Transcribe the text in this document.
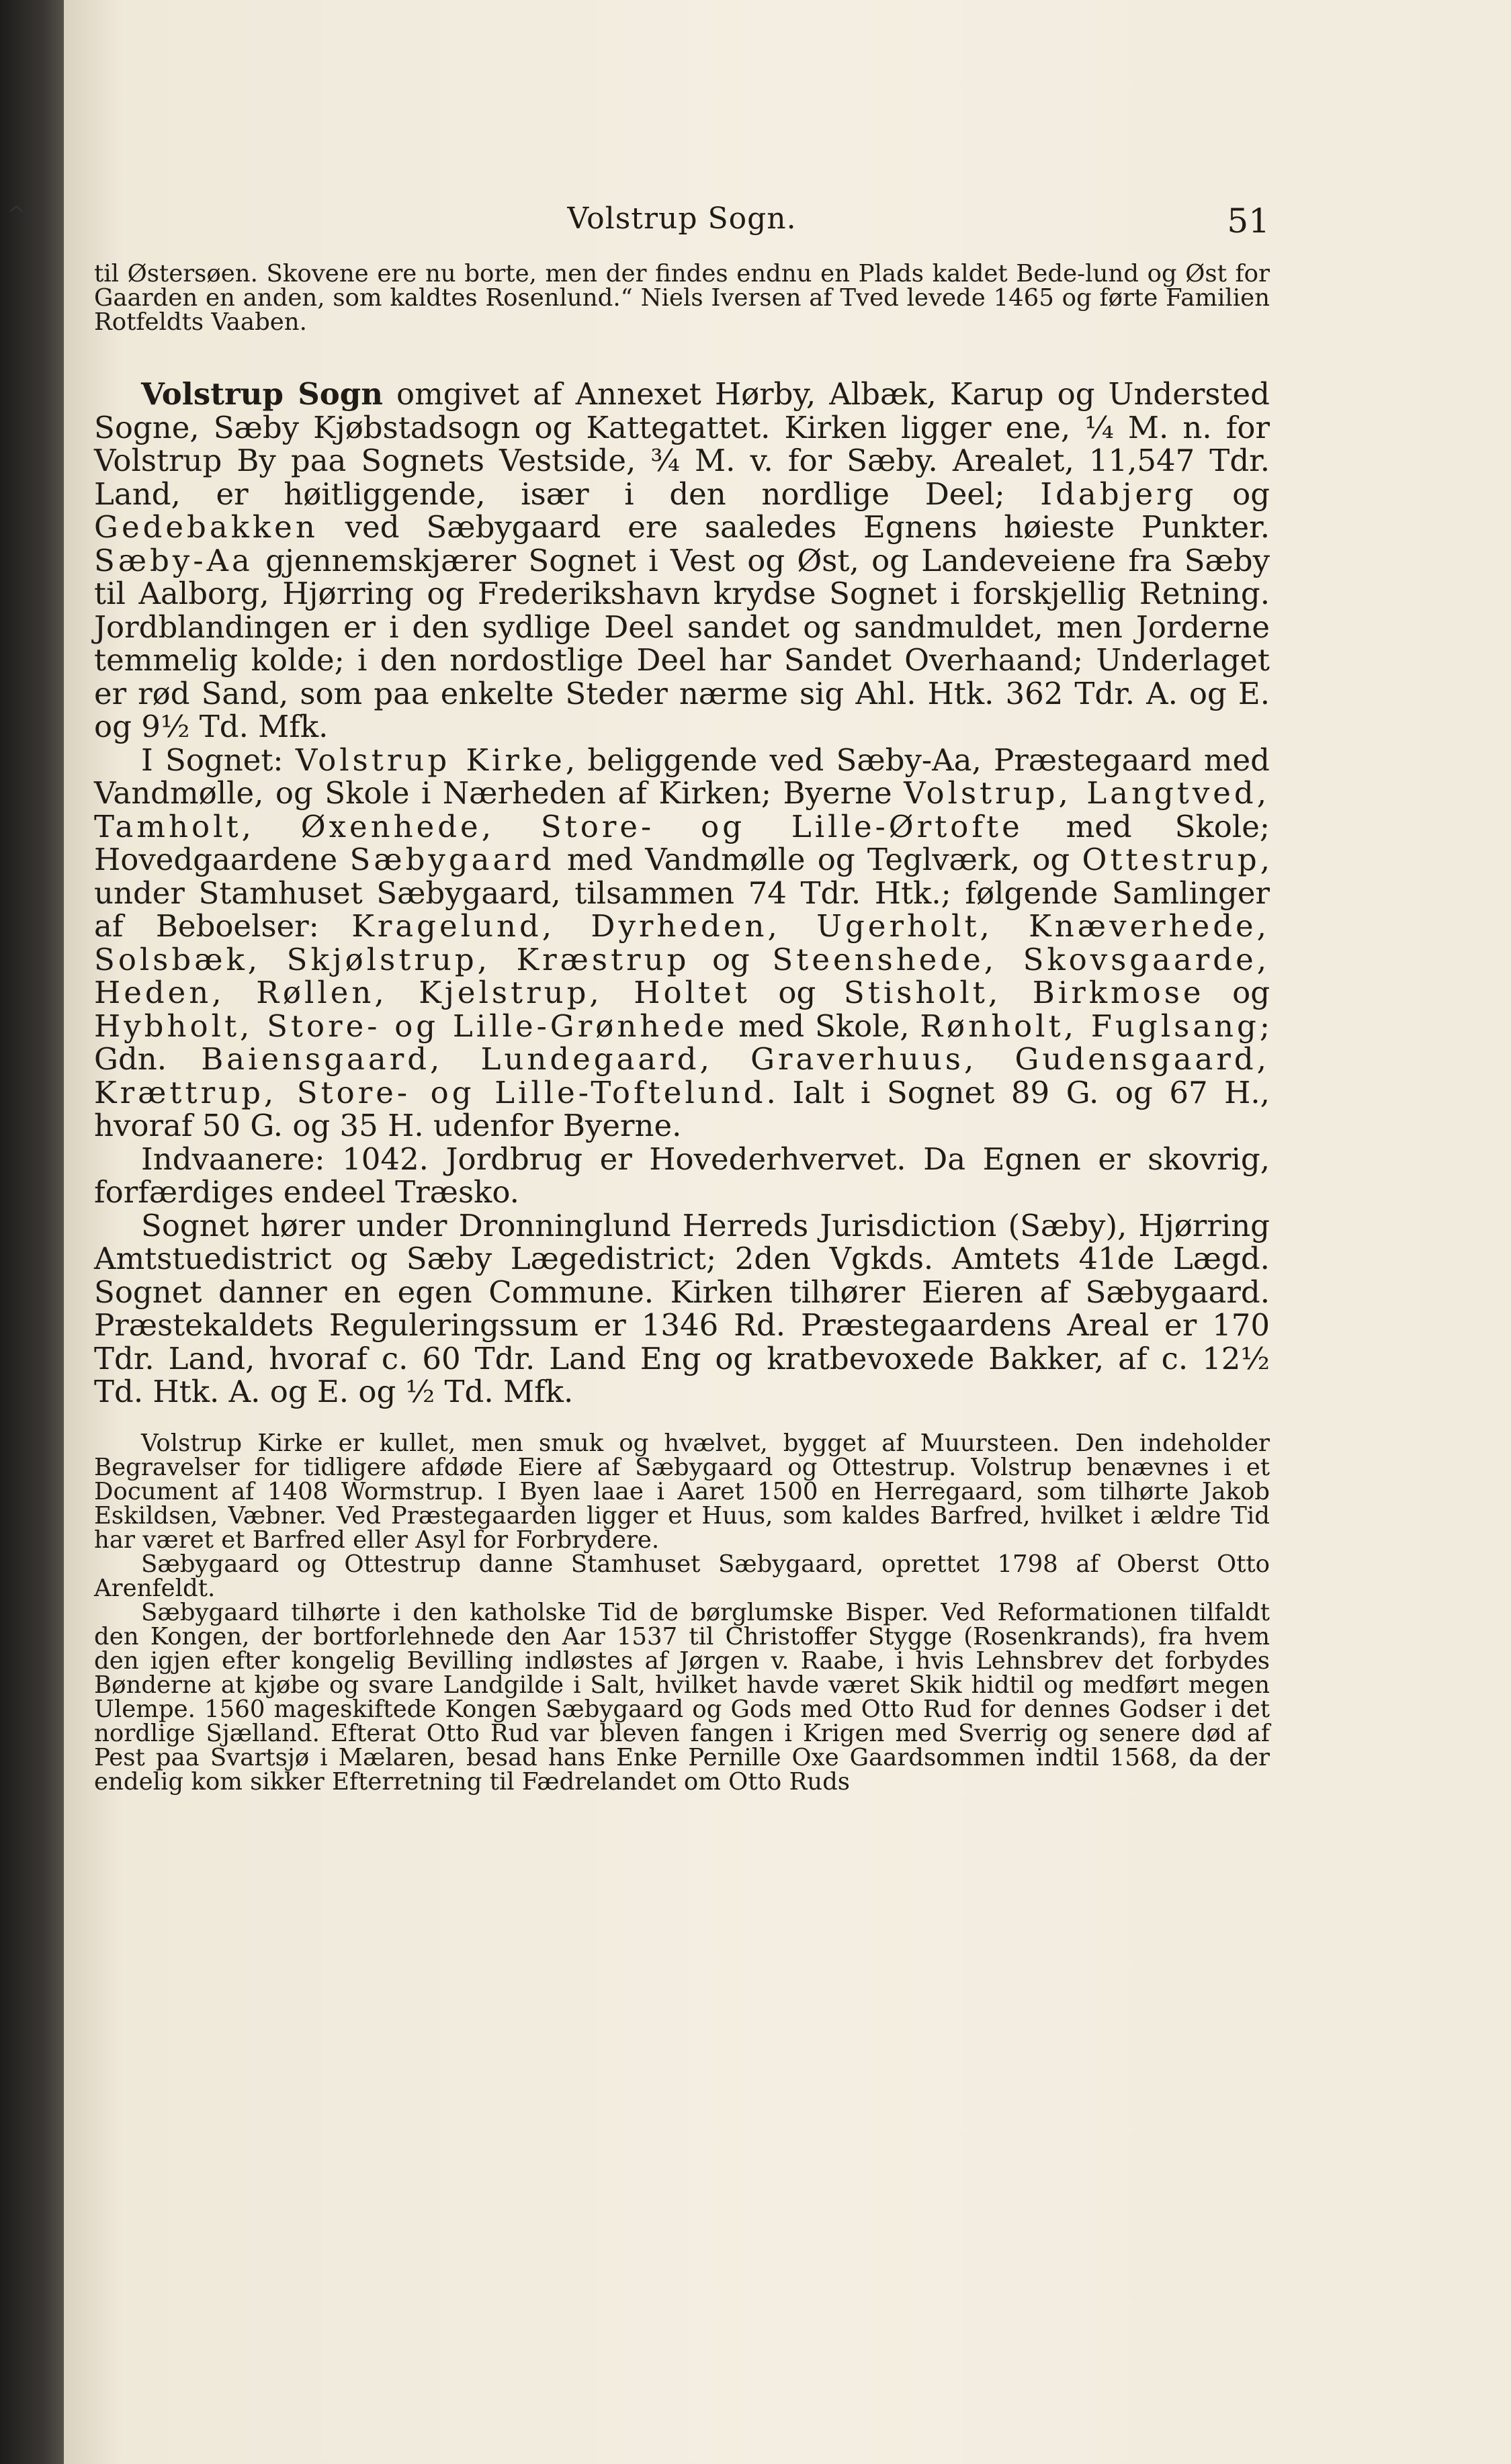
^	Volstrup Sogn.	51

til Østersøen. Skovene ere nu borte, men der findes endnu en Plads kaldet Bede-lund og Øst for Gaarden en anden, som kaldtes Rosenlund.“ Niels Iversen af Tved levede 1465 og førte Familien Rotfeldts Vaaben.

Volstrup Sogn omgivet af Annexet Hørby, Albæk, Karup og Understed Sogne, Sæby Kjøbstadsogn og Kattegattet. Kirken ligger ene, ¼ M. n. for Volstrup By paa Sognets Vestside, ¾ M. v. for Sæby. Arealet, 11,547 Tdr. Land, er høitliggende, især i den nordlige Deel; Idabjerg og Gedebakken ved Sæbygaard ere saaledes Egnens høieste Punkter. Sæby-Aa gjennemskjærer Sognet i Vest og Øst, og Landeveiene fra Sæby til Aalborg, Hjørring og Frederikshavn krydse Sognet i forskjellig Retning. Jordblandingen er i den sydlige Deel sandet og sandmuldet, men Jorderne temmelig kolde; i den nordostlige Deel har Sandet Overhaand; Underlaget er rød Sand, som paa enkelte Steder nærme sig Ahl. Htk. 362 Tdr. A. og E. og 9½ Td. Mfk.

I Sognet: Volstrup Kirke, beliggende ved Sæby-Aa, Præstegaard med Vandmølle, og Skole i Nærheden af Kirken; Byerne Volstrup, Langtved, Tamholt, Øxenhede, Store- og Lille-Ørtofte med Skole; Hovedgaardene Sæbygaard med Vandmølle og Teglværk, og Ottestrup, under Stamhuset Sæbygaard, tilsammen 74 Tdr. Htk.; følgende Samlinger af Beboelser: Kragelund, Dyrheden, Ugerholt, Knæverhede, Solsbæk, Skjølstrup, Kræstrup og Steenshede, Skovsgaarde, Heden, Røllen, Kjelstrup, Holtet og Stisholt, Birkmose og Hybholt, Store- og Lille-Grønhede med Skole, Rønholt, Fuglsang; Gdn. Baiensgaard, Lundegaard, Graverhuus, Gudensgaard, Krættrup, Store- og Lille-Toftelund. Ialt i Sognet 89 G. og 67 H., hvoraf 50 G. og 35 H. udenfor Byerne.

Indvaanere: 1042. Jordbrug er Hovederhvervet. Da Egnen er skovrig, forfærdiges endeel Træsko.

Sognet hører under Dronninglund Herreds Jurisdiction (Sæby), Hjørring Amtstuedistrict og Sæby Lægedistrict; 2den Vgkds. Amtets 41de Lægd. Sognet danner en egen Commune. Kirken tilhører Eieren af Sæbygaard. Præstekaldets Reguleringssum er 1346 Rd. Præstegaardens Areal er 170 Tdr. Land, hvoraf c. 60 Tdr. Land Eng og kratbevoxede Bakker, af c. 12½ Td. Htk. A. og E. og ½ Td. Mfk.

Volstrup Kirke er kullet, men smuk og hvælvet, bygget af Muursteen. Den indeholder Begravelser for tidligere afdøde Eiere af Sæbygaard og Ottestrup. Volstrup benævnes i et Document af 1408 Wormstrup. I Byen laae i Aaret 1500 en Herregaard, som tilhørte Jakob Eskildsen, Væbner. Ved Præstegaarden ligger et Huus, som kaldes Barfred, hvilket i ældre Tid har været et Barfred eller Asyl for Forbrydere.

Sæbygaard og Ottestrup danne Stamhuset Sæbygaard, oprettet 1798 af Oberst Otto Arenfeldt.

Sæbygaard tilhørte i den katholske Tid de børglumske Bisper. Ved Reformationen tilfaldt den Kongen, der bortforlehnede den Aar 1537 til Christoffer Stygge (Rosenkrands), fra hvem den igjen efter kongelig Bevilling indløstes af Jørgen v. Raabe, i hvis Lehnsbrev det forbydes Bønderne at kjøbe og svare Landgilde i Salt, hvilket havde været Skik hidtil og medført megen Ulempe. 1560 mageskiftede Kongen Sæbygaard og Gods med Otto Rud for dennes Godser i det nordlige Sjælland. Efterat Otto Rud var bleven fangen i Krigen med Sverrig og senere død af Pest paa Svartsjø i Mælaren, besad hans Enke Pernille Oxe Gaardsommen indtil 1568, da der endelig kom sikker Efterretning til Fædrelandet om Otto Ruds
